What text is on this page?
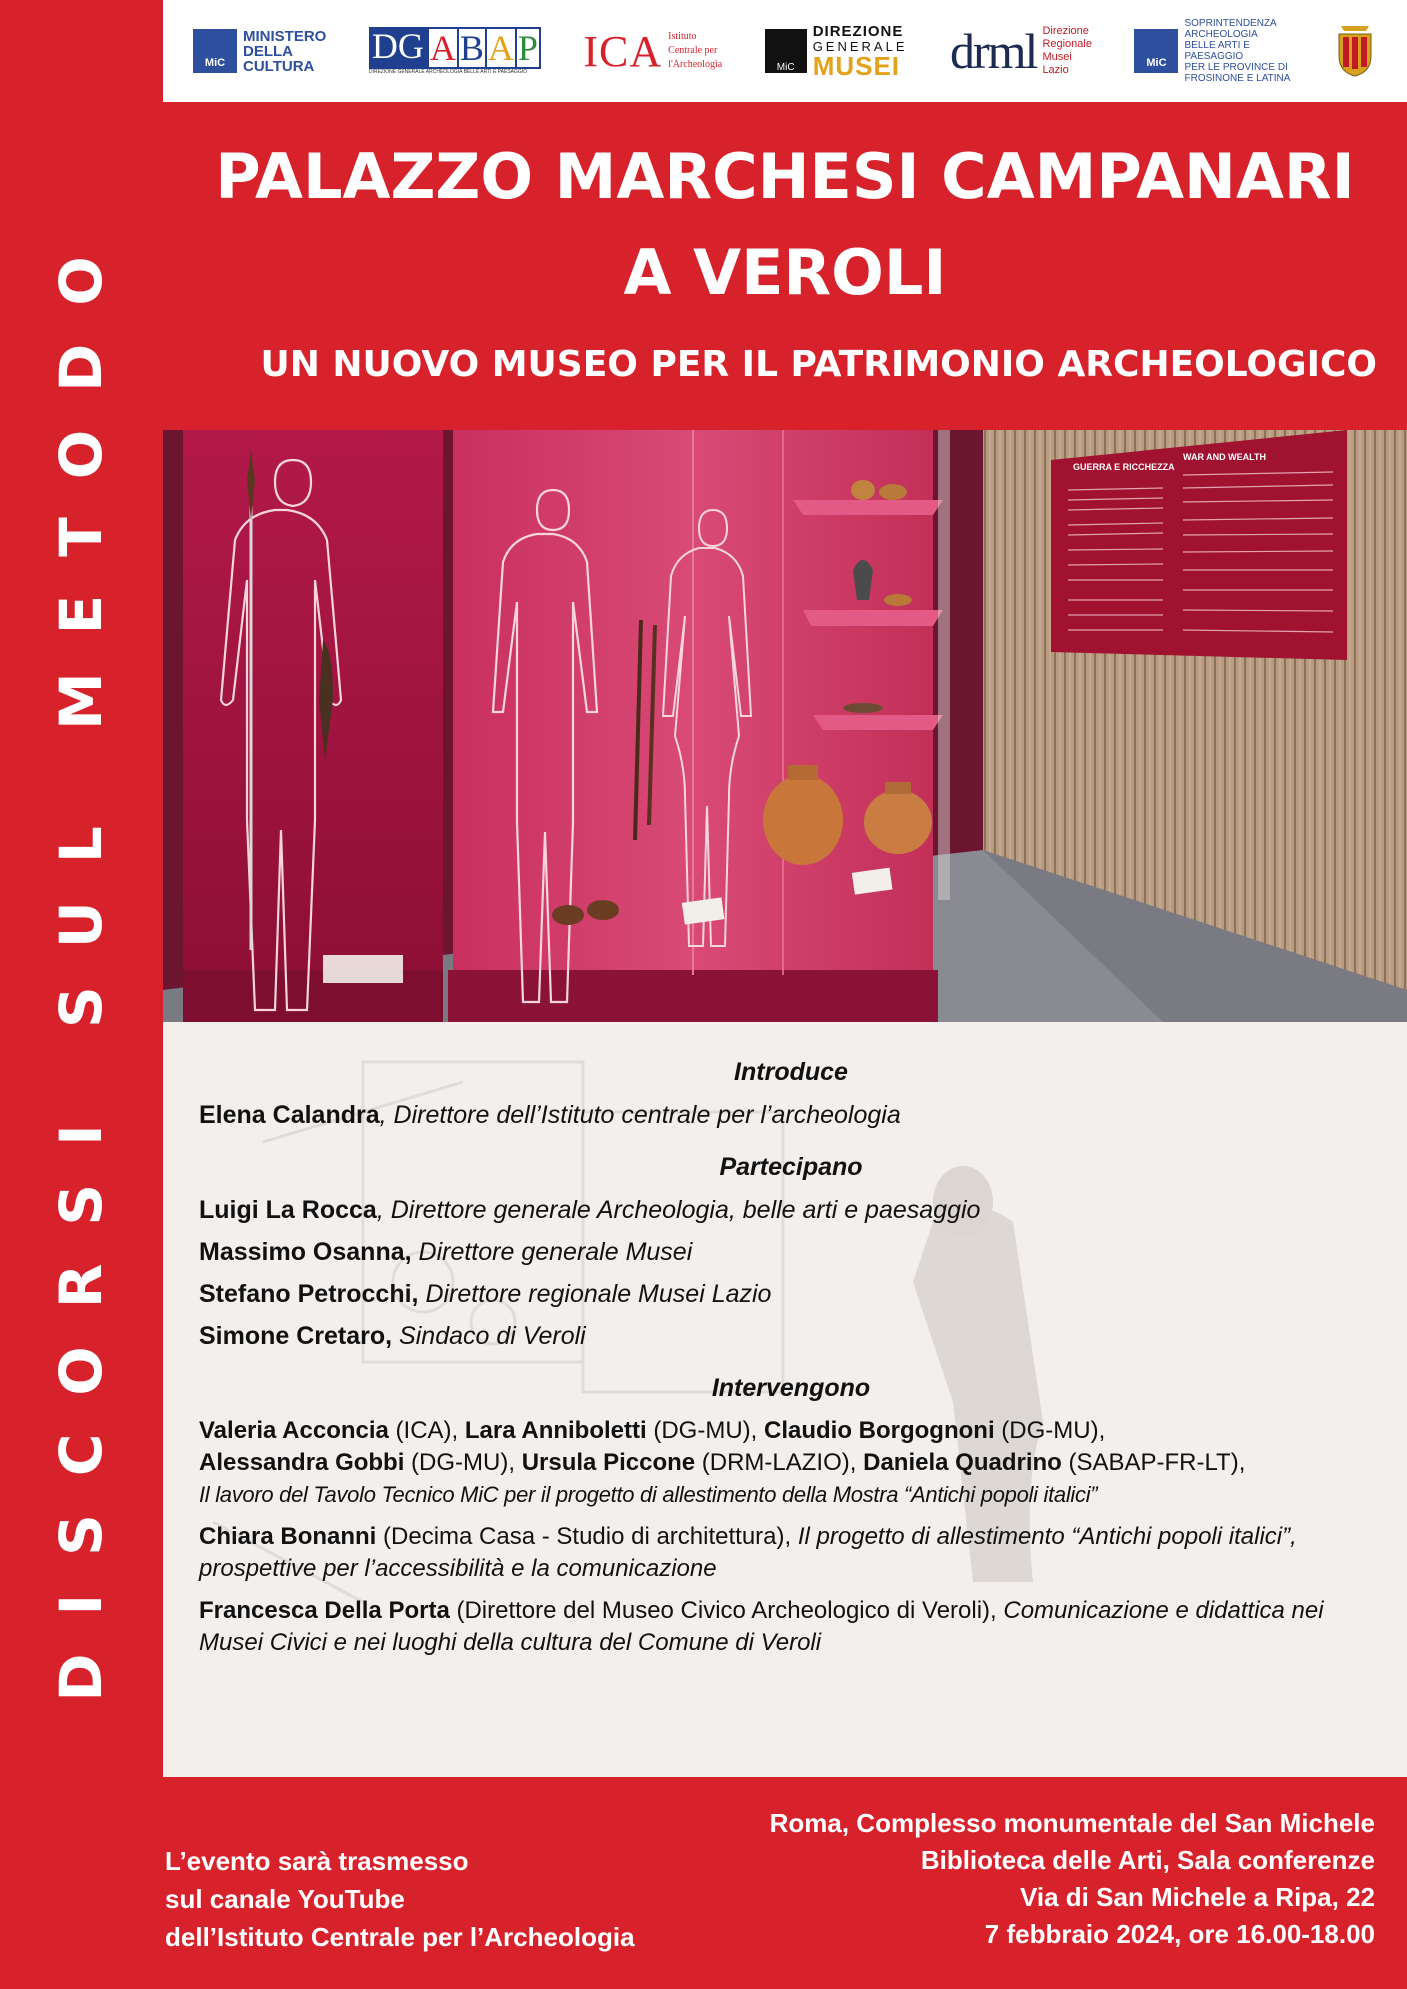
DISCORSI SUL METODO
MiC
MINISTERO
DELLA
CULTURA	DG A B A P
DIREZIONE GENERALE ARCHEOLOGIA BELLE ARTI E PAESAGGIO	ICA Istituto
Centrale per
l'Archeologia	MiC
DIREZIONE
GENERALE
MUSEI drml Direzione
Regionale
Musei
Lazio
MiC
SOPRINTENDENZA
ARCHEOLOGIA
BELLE ARTI E
PAESAGGIO
PER LE PROVINCE DI
FROSINONE E LATINA
PALAZZO MARCHESI CAMPANARI
A VEROLI
UN NUOVO MUSEO PER IL PATRIMONIO ARCHEOLOGICO
GUERRA E RICCHEZZA
WAR AND WEALTH
Introduce
Elena Calandra, Direttore dell’Istituto centrale per l’archeologia
Partecipano
Luigi La Rocca, Direttore generale Archeologia, belle arti e paesaggio
Massimo Osanna, Direttore generale Musei
Stefano Petrocchi, Direttore regionale Musei Lazio
Simone Cretaro, Sindaco di Veroli
Intervengono
Valeria Acconcia (ICA), Lara Anniboletti (DG-MU), Claudio Borgognoni (DG-MU),
Alessandra Gobbi (DG-MU), Ursula Piccone (DRM-LAZIO), Daniela Quadrino (SABAP-FR-LT),
Il lavoro del Tavolo Tecnico MiC per il progetto di allestimento della Mostra “Antichi popoli italici”
Chiara Bonanni (Decima Casa - Studio di architettura), Il progetto di allestimento “Antichi popoli italici”, prospettive per l’accessibilità e la comunicazione
Francesca Della Porta (Direttore del Museo Civico Archeologico di Veroli), Comunicazione e didattica nei Musei Civici e nei luoghi della cultura del Comune di Veroli
L’evento sarà trasmesso
sul canale YouTube
dell’Istituto Centrale per l’Archeologia
Roma, Complesso monumentale del San Michele
Biblioteca delle Arti, Sala conferenze
Via di San Michele a Ripa, 22
7 febbraio 2024, ore 16.00-18.00
